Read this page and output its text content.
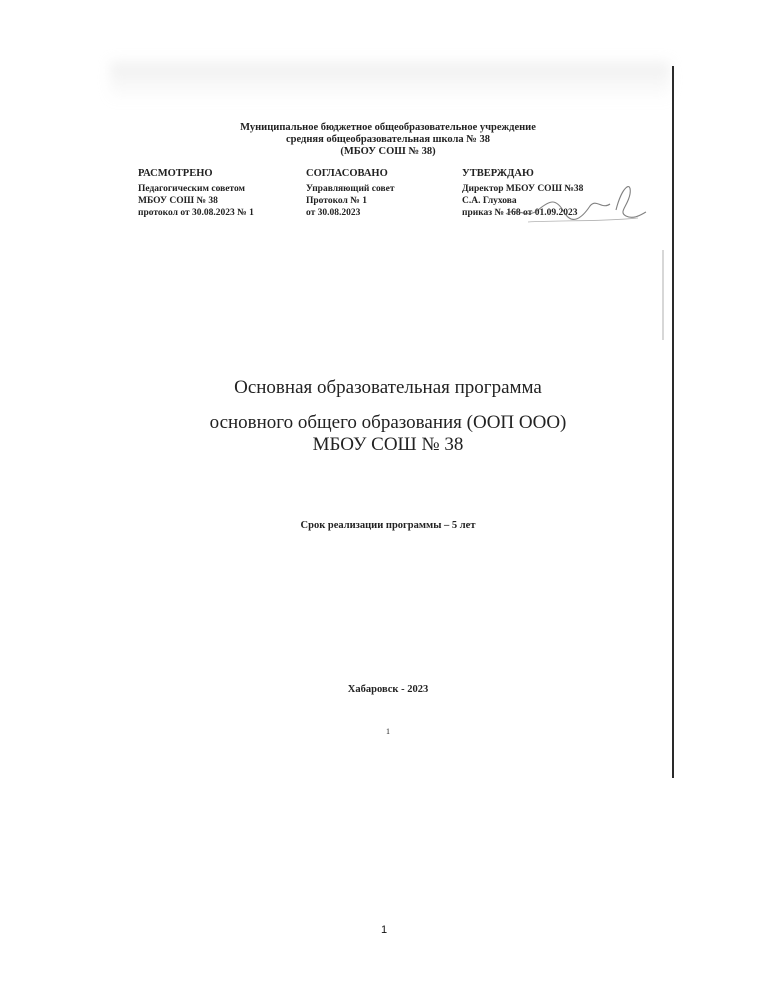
Муниципальное бюджетное общеобразовательное учреждение
средняя общеобразовательная школа № 38
(МБОУ СОШ № 38)
РАСМОТРЕНО
Педагогическим советом
МБОУ СОШ № 38
протокол от 30.08.2023 № 1
СОГЛАСОВАНО
Управляющий совет
Протокол № 1
от 30.08.2023
УТВЕРЖДАЮ
Директор МБОУ СОШ №38
С.А. Глухова
приказ № 168 от 01.09.2023
Основная образовательная программа
основного общего образования (ООП ООО)
МБОУ СОШ № 38
Срок реализации программы – 5 лет
Хабаровск - 2023
1
1
